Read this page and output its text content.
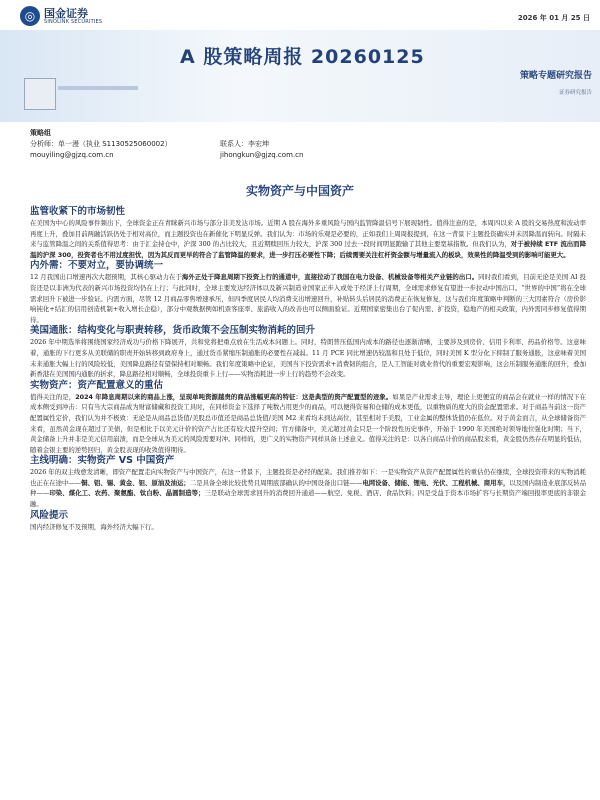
◎ 国金证券
SINOLINK SECURITIES	2026 年 01 月 25 日
A 股策略周报 20260125
策略专题研究报告
证券研究报告
策略组
分析师：单一漫（执业 S1130525060002）	联系人：李宏坤
mouyiling@gjzq.com.cn	jihongkun@gjzq.com.cn
实物资产与中国资产
监管收紧下的市场韧性

在美国为中心的风险事件频出下，全球资金正在青睐新兴市场与部分非美发达市场。近期 A 股在海外多重风险与国内监管降温信号下展现韧性。值得注意的是，本周四以来 A 股的交易热度和波动率再度上升，叠加目前两融活跃仍处于相对高位，而主题投资也在新催化下明显反弹。我们认为：市场的乐观是必要的，正如我们上周周报提到，在这一背景下主题投资确实并未因降温而转向。时隔未来与监管降温之间的关系值得思考：由于汇金持仓中，沪深 300 的占比较大，且近期赎回压力较大，沪深 300 过去一段时间明显跑输了其他主要宽基指数。但我们认为，对于被持续 ETF 流出而降温的沪深 300，投资者也不用过度担忧，因为其反而更早的符合了监管降温的要求，进一步打压必要性下降；后续需要关注杠杆资金额与增量流入的板块，效果性的降温受到的影响可能更大。

内外需：不要对立，要协调统一

12 月我国出口增速再次大超预期，其核心驱动力在于海外正处于降息周期下投资上行的通道中，直接拉动了我国在电力设备、机械设备等相关产业链的出口。同时我们看到，目前无论是美国 AI 投资还是以非洲为代表的新兴市场投资均仍在上行；与此同时，全球主要发达经济体以及新兴制造业国家正步入或处于经济上行周期，全球需求修复有望进一步拉动中国出口。“世界的中国”将在全球需求回升下被进一步验证。内需方面，尽管 12 月商品零售增速承压，但四季度居民人均消费支出增速回升，补贴转头后居民的消费正在恢复修复，这与我们年度策略中判断的三大因素符合（房价影响钝化+结汇的信用创造机制+收入增长企稳），部分中观数据例如机票客座率、旅游收入的改善也可以侧面验证。近期国家密集出台了促内需、扩投资，稳地产的相关政策，内外需同步修复值得期待。

美国通胀：结构变化与职责转移，货币政策不会压制实物消耗的回升

2026 年中期选举将围绕国家经济成功与价格下降展开，共和党将把重点放在生活成本问题上。同时，特朗普压低国内成本的路径也逐渐清晰，主要涉及到房价、信用卡利率、药品价格等。这意味着，通胀的下行更多从美联储的职责开始转移到政府身上，通过货币紧缩压制通胀的必要性在减弱。11 月 PCE 同比增速仍较温和且处于低位，同时美国 K 型分化下抑制了服务通胀，这意味着美国未来通胀大幅上行的风险较低，美国降息路径有望保持相对顺畅。我们年度策略中论证，美国当下投资需求+消费韧的组合，是人工智能对就业替代的重要宏观影响，这会压制服务通胀的回升，叠加新香港在美国国内通胀的折求，降息路径相对顺畅，全球投资重卡上行——实物消耗进一步上行的趋势不会改变。

实物资产：资产配置意义的重估

值得关注的是，2024 年降息周期以来的商品上涨，呈现单吨资源越贵的商品涨幅更高的特征：这是典型的资产配置型的迹象。如果是产业需求主导，理论上更便宜的商品会在就业一样的情况下在成本侧受到冲击：只有当大宗商品成为财富储藏和投资工具时，在同样资金下选择了吨数占用更少的商品，可以便得资易和仓储的成本更低，以重物质的度大的资金配置需求。对于商品当前这一资产配置属性定价，我们认为并不极致：无论是从商品总货值/美股总市值还是商品总货值/美国 M2 来看均未到达高位，甚至相对于美股，工业金属的整体货值仍在低位。对于黄金而言，从全球储备资产来看，虽然黄金现在超过了美债，但是相比于以美元计价的资产占比还有较大提升空间；官方储备中，美元超过黄金只是一个阶段性历史事件，开始于 1990 年美国绝对领导地位强化时期；当下，黄金储备上升并非是美元信用崩溃，而是全球从为美元的风险需要对冲。同样的，更广义的实物资产同样具备上述意义。值得关注的是：以各自商品计价的商品股来看，黄金股仍然存在明显的低估，随着金银主要的逆势回归，黄金股表现的收敛值得期待。

主线明确：实物资产 VS 中国资产

2026 年的双主线愈发清晰，即资产配置走向实物资产与中国资产，在这一背景下，主题投资是必经的配菜。我们推荐如下：一是实物资产从资产配置属性的重估仍在继续，全球投资带来的实物消耗也正在在途中——铜、铝、锡、黄金、钽、原油及油运；二是具备全球比较优势且周期底部确认的中国设备出口链——电网设备、储能、锂电、光伏、工程机械、商用车，以及国内制造业底部反转品种——印染、煤化工、农药、聚氨酯、钛白粉、晶圆制造等；三是联动全球需求回升的消费回升通道——航空、免税、酒店、食品饮料；四是受益于资本市场扩容与长期资产端回报率更底的非银金融。

风险提示

国内经济修复不及预期，海外经济大幅下行。
